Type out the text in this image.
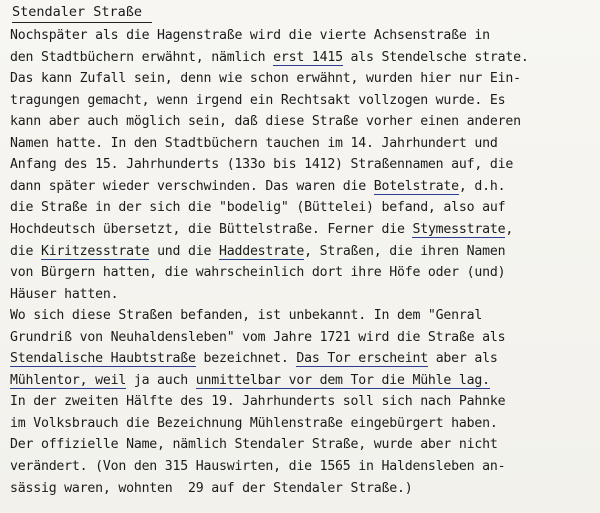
Stendaler Straße
Nochspäter als die Hagenstraße wird die vierte Achsenstraße in
den Stadtbüchern erwähnt, nämlich erst 1415 als Stendelsche strate.
Das kann Zufall sein, denn wie schon erwähnt, wurden hier nur Ein-
tragungen gemacht, wenn irgend ein Rechtsakt vollzogen wurde. Es
kann aber auch möglich sein, daß diese Straße vorher einen anderen
Namen hatte. In den Stadtbüchern tauchen im 14. Jahrhundert und
Anfang des 15. Jahrhunderts (133o bis 1412) Straßennamen auf, die
dann später wieder verschwinden. Das waren die Botelstrate, d.h.
die Straße in der sich die "bodelig" (Büttelei) befand, also auf
Hochdeutsch übersetzt, die Büttelstraße. Ferner die Stymesstrate,
die Kiritzesstrate und die Haddestrate, Straßen, die ihren Namen
von Bürgern hatten, die wahrscheinlich dort ihre Höfe oder (und)
Häuser hatten.
Wo sich diese Straßen befanden, ist unbekannt. In dem "Genral
Grundriß von Neuhaldensleben" vom Jahre 1721 wird die Straße als
Stendalische Haubtstraße bezeichnet. Das Tor erscheint aber als
Mühlentor, weil ja auch unmittelbar vor dem Tor die Mühle lag.
In der zweiten Hälfte des 19. Jahrhunderts soll sich nach Pahnke
im Volksbrauch die Bezeichnung Mühlenstraße eingebürgert haben.
Der offizielle Name, nämlich Stendaler Straße, wurde aber nicht
verändert. (Von den 315 Hauswirten, die 1565 in Haldensleben an-
sässig waren, wohnten  29 auf der Stendaler Straße.)
